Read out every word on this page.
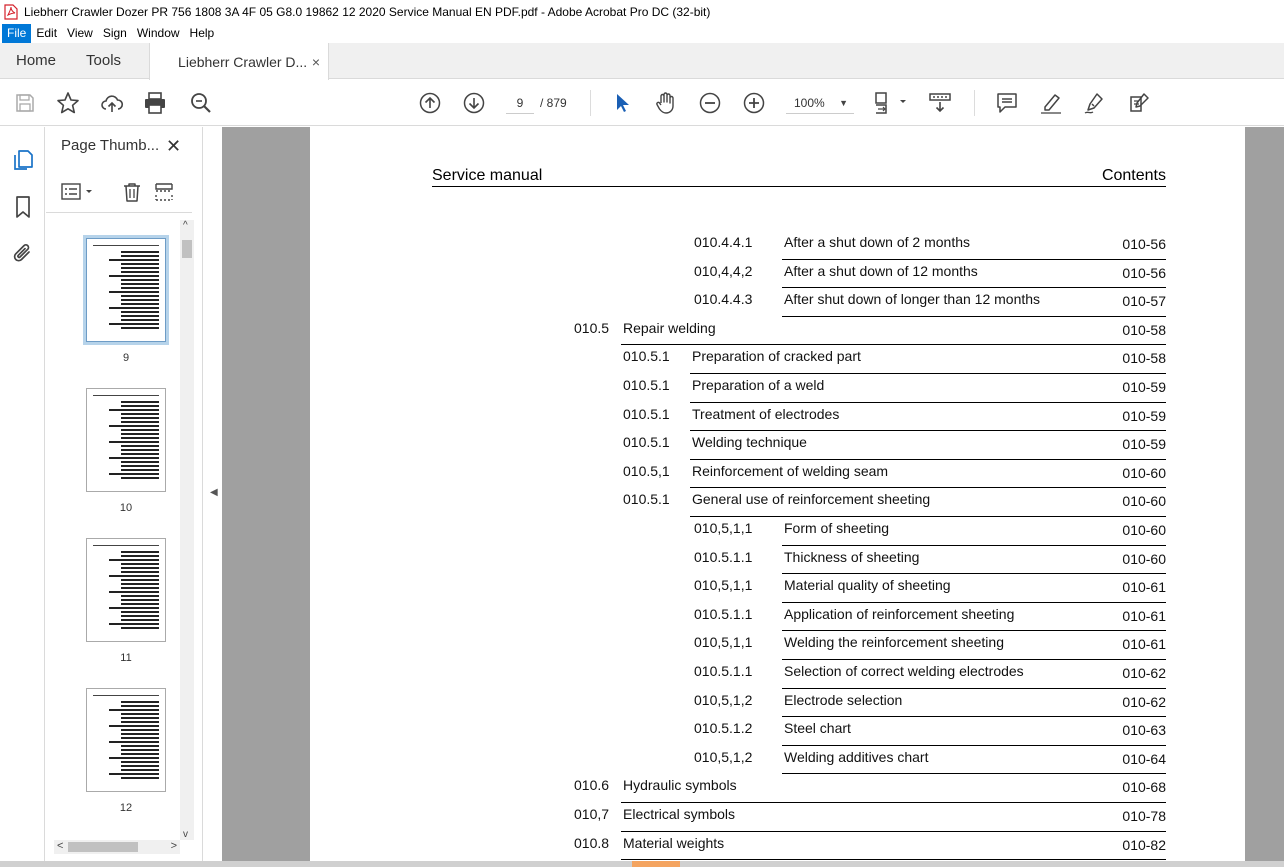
Liebherr Crawler Dozer PR 756 1808 3A 4F 05 G8.0 19862 12 2020 Service Manual EN PDF.pdf - Adobe Acrobat Pro DC (32-bit)
File Edit View Sign Window Help
Home	Tools	Liebherr Crawler D... ×
9
/ 879	100% ▼
Page Thumb... ✕
9
10
11
12
^
v
<	>
◀
Service manual	Contents
010.4.4.1 After a shut down of 2 months	010-56
010,4,4,2 After a shut down of 12 months	010-56
010.4.4.3 After shut down of longer than 12 months	010-57
010.5 Repair welding	010-58
010.5.1 Preparation of cracked part	010-58
010.5.1 Preparation of a weld	010-59
010.5.1 Treatment of electrodes	010-59
010.5.1 Welding technique	010-59
010.5,1 Reinforcement of welding seam	010-60
010.5.1 General use of reinforcement sheeting	010-60
010,5,1,1 Form of sheeting	010-60
010.5.1.1 Thickness of sheeting	010-60
010,5,1,1 Material quality of sheeting	010-61
010.5.1.1 Application of reinforcement sheeting	010-61
010,5,1,1 Welding the reinforcement sheeting	010-61
010.5.1.1 Selection of correct welding electrodes	010-62
010,5,1,2 Electrode selection	010-62
010.5.1.2 Steel chart	010-63
010,5,1,2 Welding additives chart	010-64
010.6 Hydraulic symbols	010-68
010,7 Electrical symbols	010-78
010.8 Material weights	010-82
